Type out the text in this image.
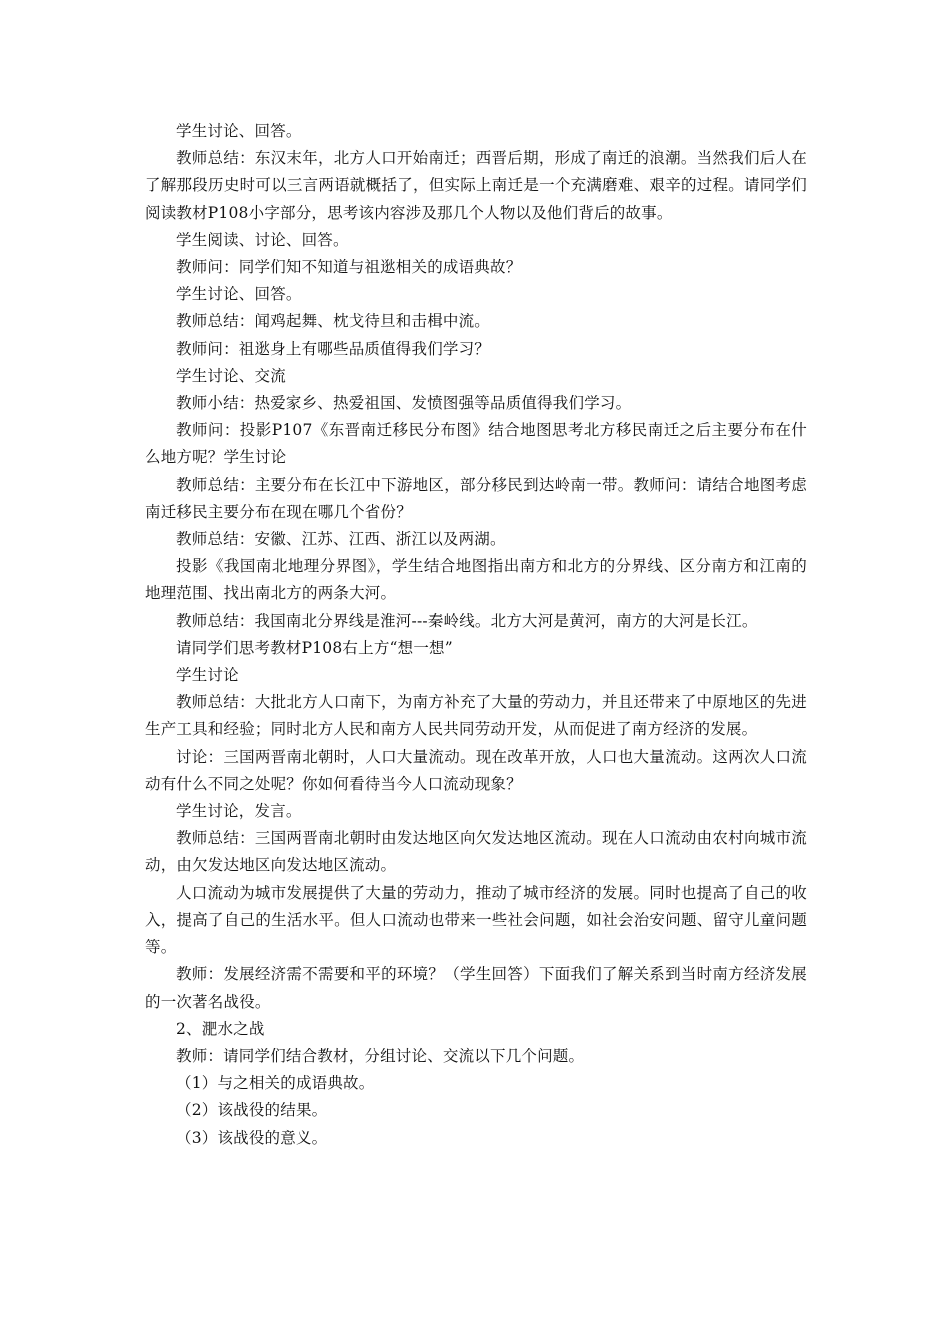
学生讨论、回答。

教师总结：东汉末年，北方人口开始南迁；西晋后期，形成了南迁的浪潮。当然我们后人在了解那段历史时可以三言两语就概括了，但实际上南迁是一个充满磨难、艰辛的过程。请同学们阅读教材P108小字部分，思考该内容涉及那几个人物以及他们背后的故事。

学生阅读、讨论、回答。

教师问：同学们知不知道与祖逖相关的成语典故？

学生讨论、回答。

教师总结：闻鸡起舞、枕戈待旦和击楫中流。

教师问：祖逖身上有哪些品质值得我们学习？

学生讨论、交流

教师小结：热爱家乡、热爱祖国、发愤图强等品质值得我们学习。

教师问：投影P107《东晋南迁移民分布图》结合地图思考北方移民南迁之后主要分布在什么地方呢？学生讨论

教师总结：主要分布在长江中下游地区，部分移民到达岭南一带。教师问：请结合地图考虑南迁移民主要分布在现在哪几个省份？

教师总结：安徽、江苏、江西、浙江以及两湖。

投影《我国南北地理分界图》，学生结合地图指出南方和北方的分界线、区分南方和江南的地理范围、找出南北方的两条大河。

教师总结：我国南北分界线是淮河---秦岭线。北方大河是黄河，南方的大河是长江。

请同学们思考教材P108右上方“想一想”

学生讨论

教师总结：大批北方人口南下，为南方补充了大量的劳动力，并且还带来了中原地区的先进生产工具和经验；同时北方人民和南方人民共同劳动开发，从而促进了南方经济的发展。

讨论：三国两晋南北朝时，人口大量流动。现在改革开放，人口也大量流动。这两次人口流动有什么不同之处呢？你如何看待当今人口流动现象？

学生讨论，发言。

教师总结：三国两晋南北朝时由发达地区向欠发达地区流动。现在人口流动由农村向城市流动，由欠发达地区向发达地区流动。

人口流动为城市发展提供了大量的劳动力，推动了城市经济的发展。同时也提高了自己的收入，提高了自己的生活水平。但人口流动也带来一些社会问题，如社会治安问题、留守儿童问题等。

教师：发展经济需不需要和平的环境？（学生回答）下面我们了解关系到当时南方经济发展的一次著名战役。

2、淝水之战

教师：请同学们结合教材，分组讨论、交流以下几个问题。

（1）与之相关的成语典故。

（2）该战役的结果。

（3）该战役的意义。
